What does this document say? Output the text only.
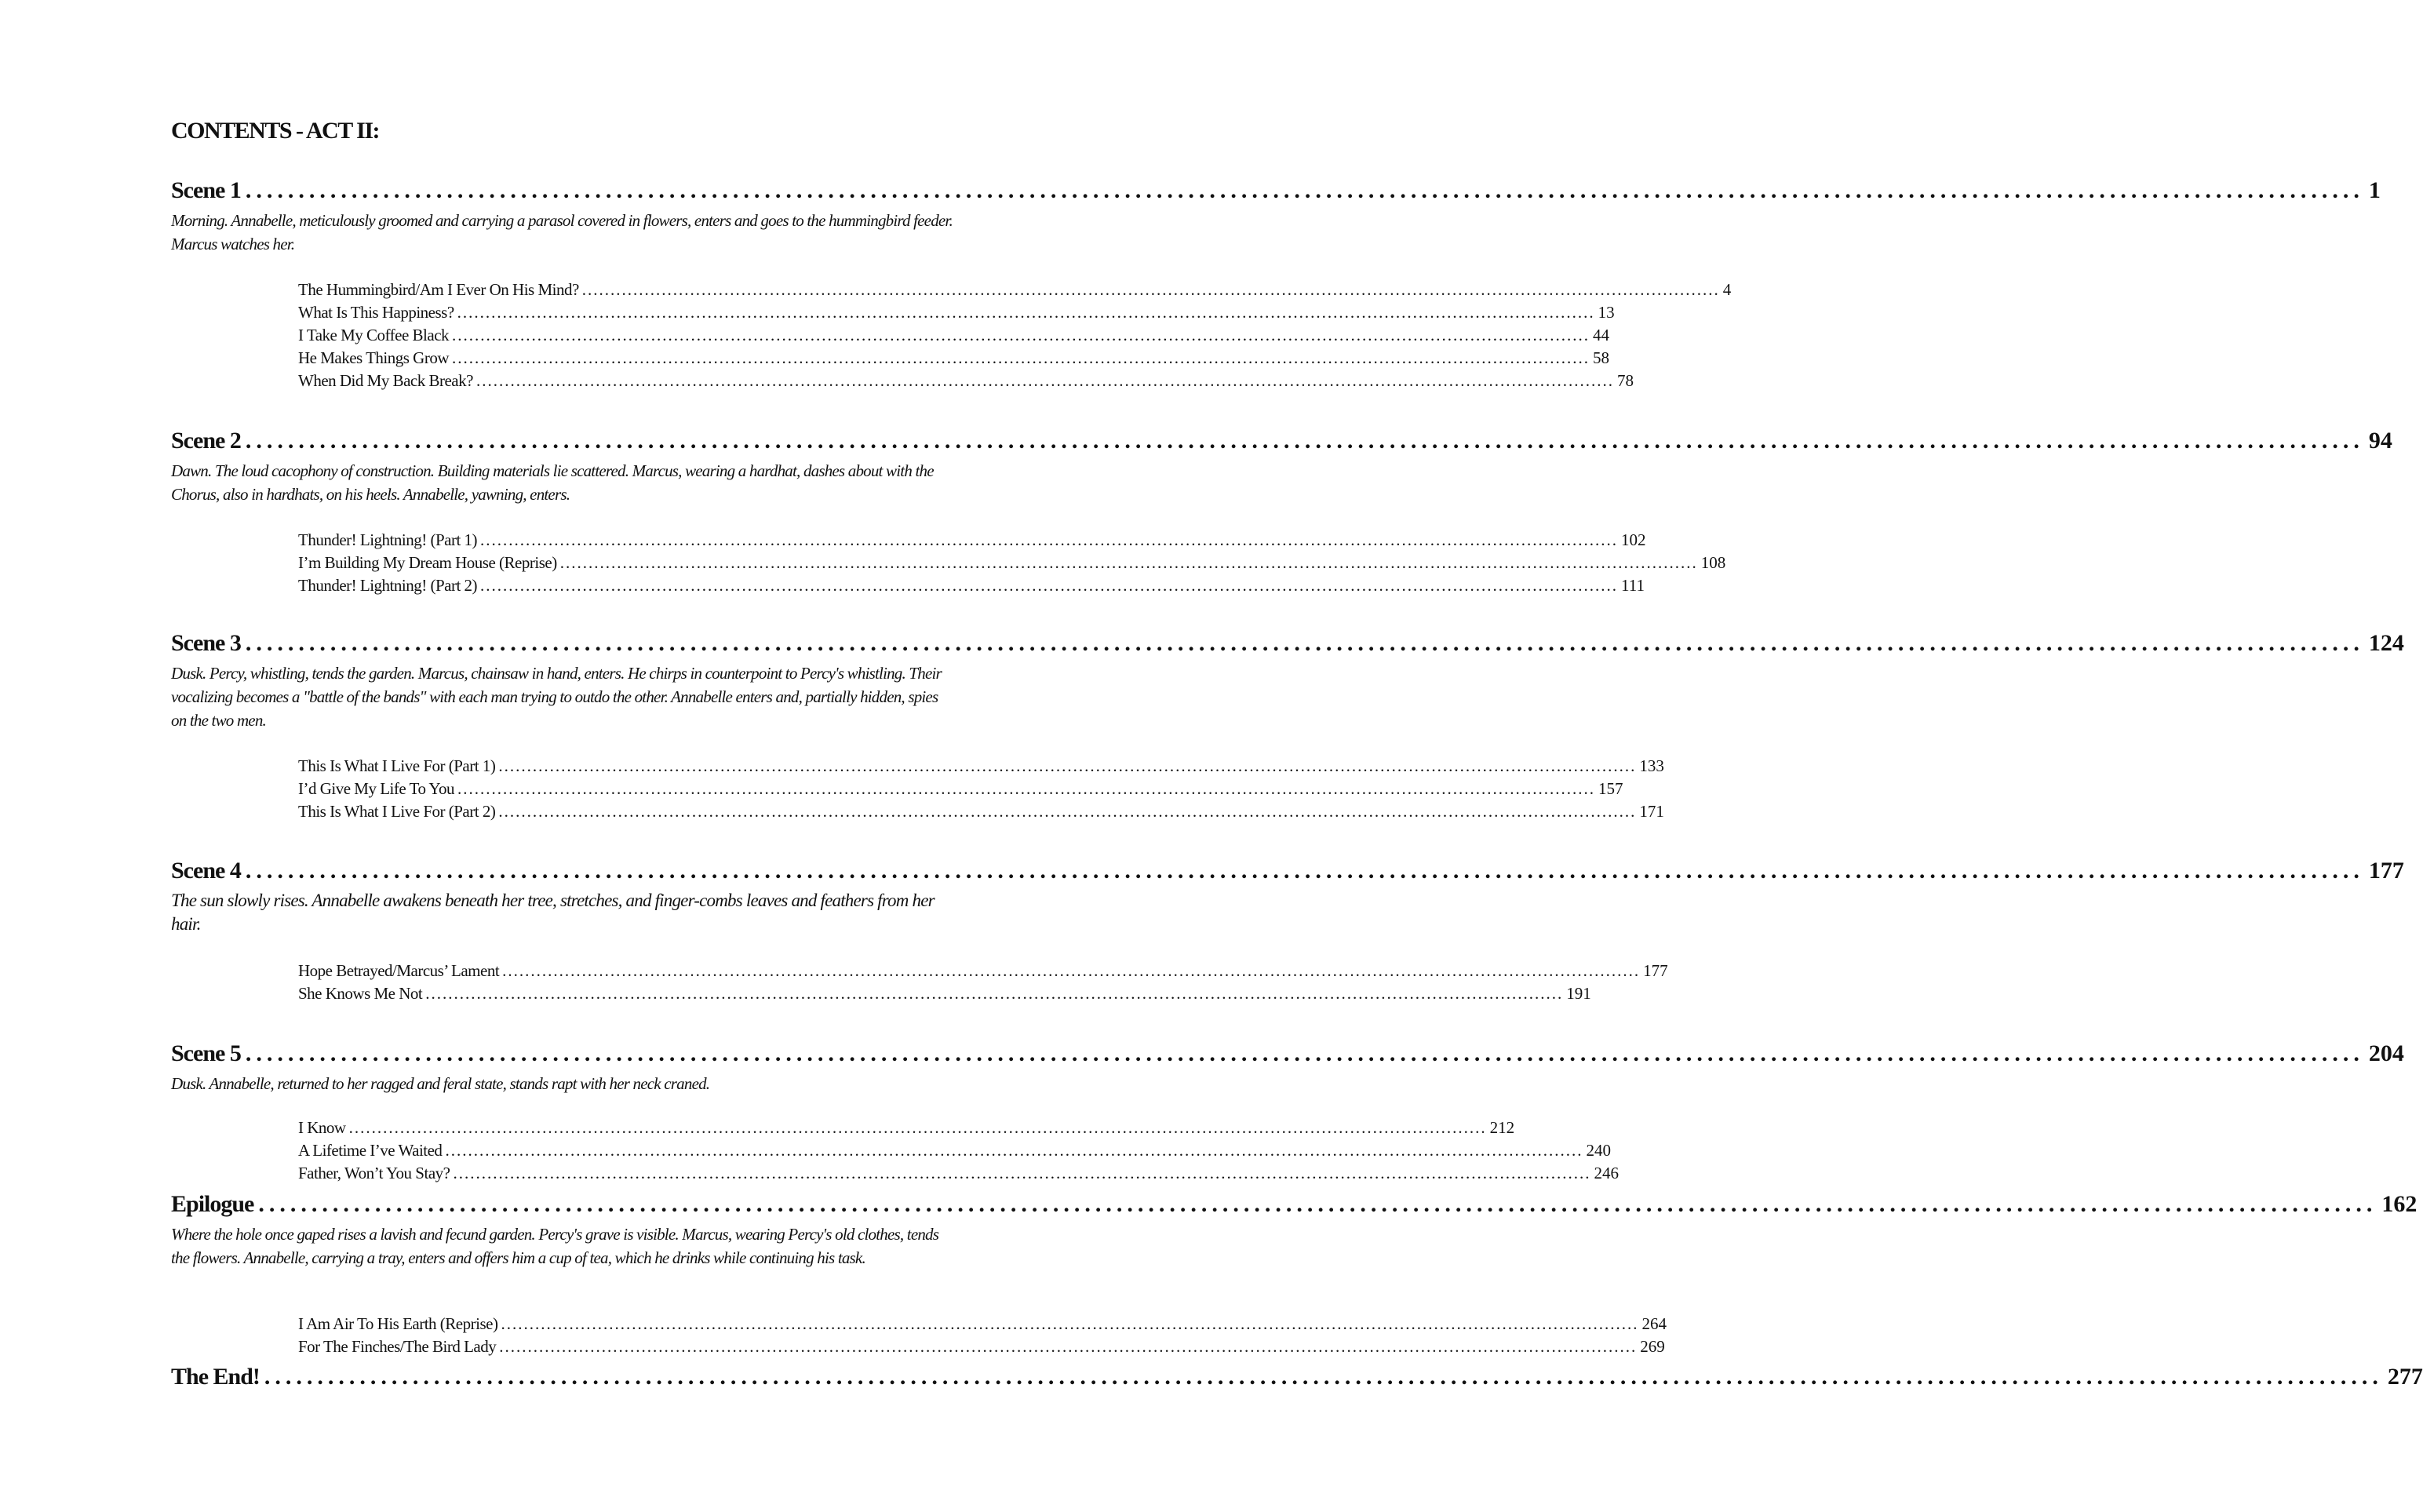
CONTENTS - ACT II:
Scene 1 ........................................................................................................................................................................................................ 1
Morning. Annabelle, meticulously groomed and carrying a parasol covered in flowers, enters and goes to the hummingbird feeder. Marcus watches her.
The Hummingbird/Am I Ever On His Mind? ........................................................................................................................................................................................................ 4
What Is This Happiness? ........................................................................................................................................................................................................ 13
I Take My Coffee Black ........................................................................................................................................................................................................ 44
He Makes Things Grow ........................................................................................................................................................................................................ 58
When Did My Back Break? ........................................................................................................................................................................................................ 78
Scene 2 ........................................................................................................................................................................................................ 94
Dawn. The loud cacophony of construction. Building materials lie scattered. Marcus, wearing a hardhat, dashes about with the Chorus, also in hardhats, on his heels. Annabelle, yawning, enters.
Thunder! Lightning! (Part 1) ........................................................................................................................................................................................................ 102
I’m Building My Dream House (Reprise) ........................................................................................................................................................................................................ 108
Thunder! Lightning! (Part 2) ........................................................................................................................................................................................................ 111
Scene 3 ........................................................................................................................................................................................................ 124
Dusk. Percy, whistling, tends the garden. Marcus, chainsaw in hand, enters. He chirps in counterpoint to Percy's whistling. Their vocalizing becomes a "battle of the bands" with each man trying to outdo the other. Annabelle enters and, partially hidden, spies on the two men.
This Is What I Live For (Part 1) ........................................................................................................................................................................................................ 133
I’d Give My Life To You ........................................................................................................................................................................................................ 157
This Is What I Live For (Part 2) ........................................................................................................................................................................................................ 171
Scene 4 ........................................................................................................................................................................................................ 177
The sun slowly rises. Annabelle awakens beneath her tree, stretches, and finger-combs leaves and feathers from her hair.
Hope Betrayed/Marcus’ Lament ........................................................................................................................................................................................................ 177
She Knows Me Not ........................................................................................................................................................................................................ 191
Scene 5 ........................................................................................................................................................................................................ 204
Dusk. Annabelle, returned to her ragged and feral state, stands rapt with her neck craned.
I Know ........................................................................................................................................................................................................ 212
A Lifetime I’ve Waited ........................................................................................................................................................................................................ 240
Father, Won’t You Stay? ........................................................................................................................................................................................................ 246
Epilogue ........................................................................................................................................................................................................ 162
Where the hole once gaped rises a lavish and fecund garden. Percy's grave is visible. Marcus, wearing Percy's old clothes, tends the flowers. Annabelle, carrying a tray, enters and offers him a cup of tea, which he drinks while continuing his task.
I Am Air To His Earth (Reprise) ........................................................................................................................................................................................................ 264
For The Finches/The Bird Lady ........................................................................................................................................................................................................ 269
The End! ........................................................................................................................................................................................................ 277
